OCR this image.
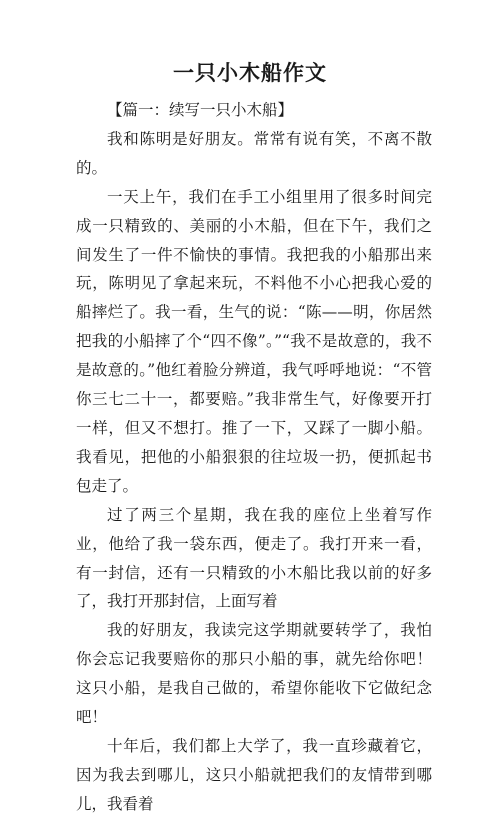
一只小木船作文

【篇一：续写一只小木船】

我和陈明是好朋友。常常有说有笑，不离不散的。

一天上午，我们在手工小组里用了很多时间完成一只精致的、美丽的小木船，但在下午，我们之间发生了一件不愉快的事情。我把我的小船那出来玩，陈明见了拿起来玩，不料他不小心把我心爱的船摔烂了。我一看，生气的说：“陈——明，你居然把我的小船摔了个“四不像”。”“我不是故意的，我不是故意的。”他红着脸分辨道，我气呼呼地说：“不管你三七二十一，都要赔。”我非常生气，好像要开打一样，但又不想打。推了一下，又踩了一脚小船。我看见，把他的小船狠狠的往垃圾一扔，便抓起书包走了。

过了两三个星期，我在我的座位上坐着写作业，他给了我一袋东西，便走了。我打开来一看，有一封信，还有一只精致的小木船比我以前的好多了，我打开那封信，上面写着

我的好朋友，我读完这学期就要转学了，我怕你会忘记我要赔你的那只小船的事，就先给你吧！这只小船，是我自己做的，希望你能收下它做纪念吧！

十年后，我们都上大学了，我一直珍藏着它，因为我去到哪儿，这只小船就把我们的友情带到哪儿，我看着
